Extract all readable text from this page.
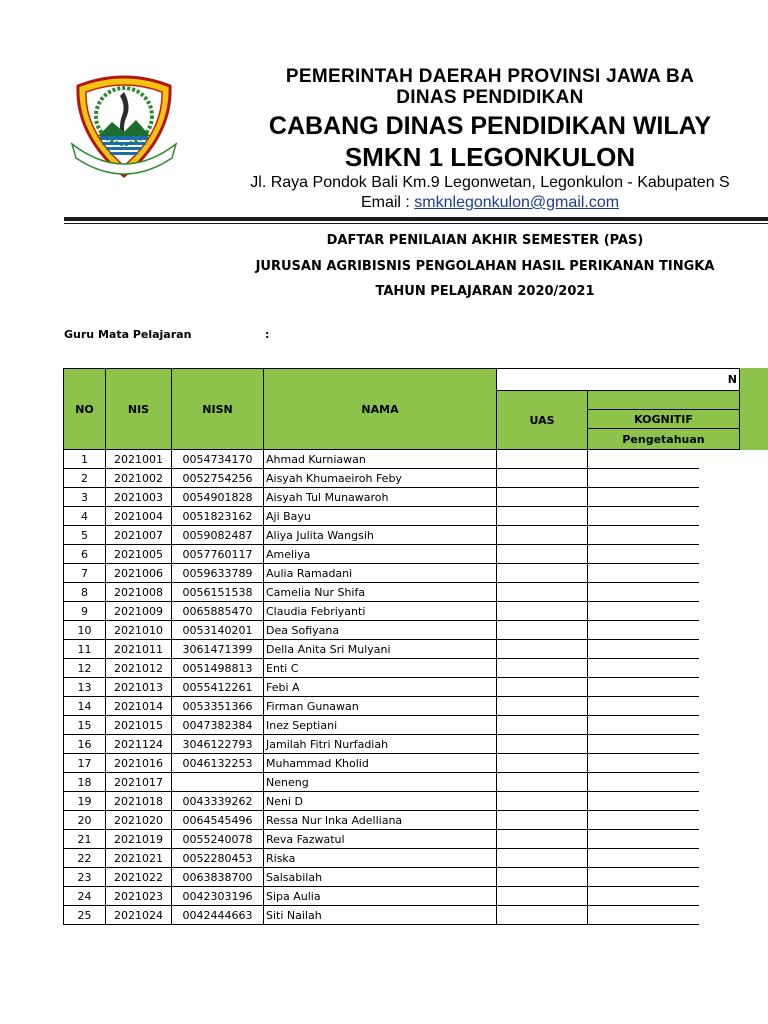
PEMERINTAH DAERAH PROVINSI JAWA BA
DINAS PENDIDIKAN
CABANG DINAS PENDIDIKAN WILAY
SMKN 1 LEGONKULON
Jl. Raya Pondok Bali Km.9 Legonwetan, Legonkulon - Kabupaten S
Email : smknlegonkulon@gmail.com
DAFTAR PENILAIAN AKHIR SEMESTER (PAS)
JURUSAN AGRIBISNIS PENGOLAHAN HASIL PERIKANAN TINGKA
TAHUN PELAJARAN 2020/2021
Guru Mata Pelajaran	:
NO	NIS	NISN	NAMA	N		
				UAS		
					KOGNITIF	
					Pengetahuan	
1	2021001	0054734170	Ahmad Kurniawan			
2	2021002	0052754256	Aisyah Khumaeiroh Feby			
3	2021003	0054901828	Aisyah Tul Munawaroh			
4	2021004	0051823162	Aji Bayu			
5	2021007	0059082487	Aliya Julita Wangsih			
6	2021005	0057760117	Ameliya			
7	2021006	0059633789	Aulia Ramadani			
8	2021008	0056151538	Camelia Nur Shifa			
9	2021009	0065885470	Claudia Febriyanti			
10	2021010	0053140201	Dea Sofiyana			
11	2021011	3061471399	Della Anita Sri Mulyani			
12	2021012	0051498813	Enti C			
13	2021013	0055412261	Febi A			
14	2021014	0053351366	Firman Gunawan			
15	2021015	0047382384	Inez Septiani			
16	2021124	3046122793	Jamilah Fitri Nurfadiah			
17	2021016	0046132253	Muhammad Kholid			
18	2021017		Neneng			
19	2021018	0043339262	Neni D			
20	2021020	0064545496	Ressa Nur Inka Adelliana			
21	2021019	0055240078	Reva Fazwatul			
22	2021021	0052280453	Riska			
23	2021022	0063838700	Salsabilah			
24	2021023	0042303196	Sipa Aulia			
25	2021024	0042444663	Siti Nailah			
